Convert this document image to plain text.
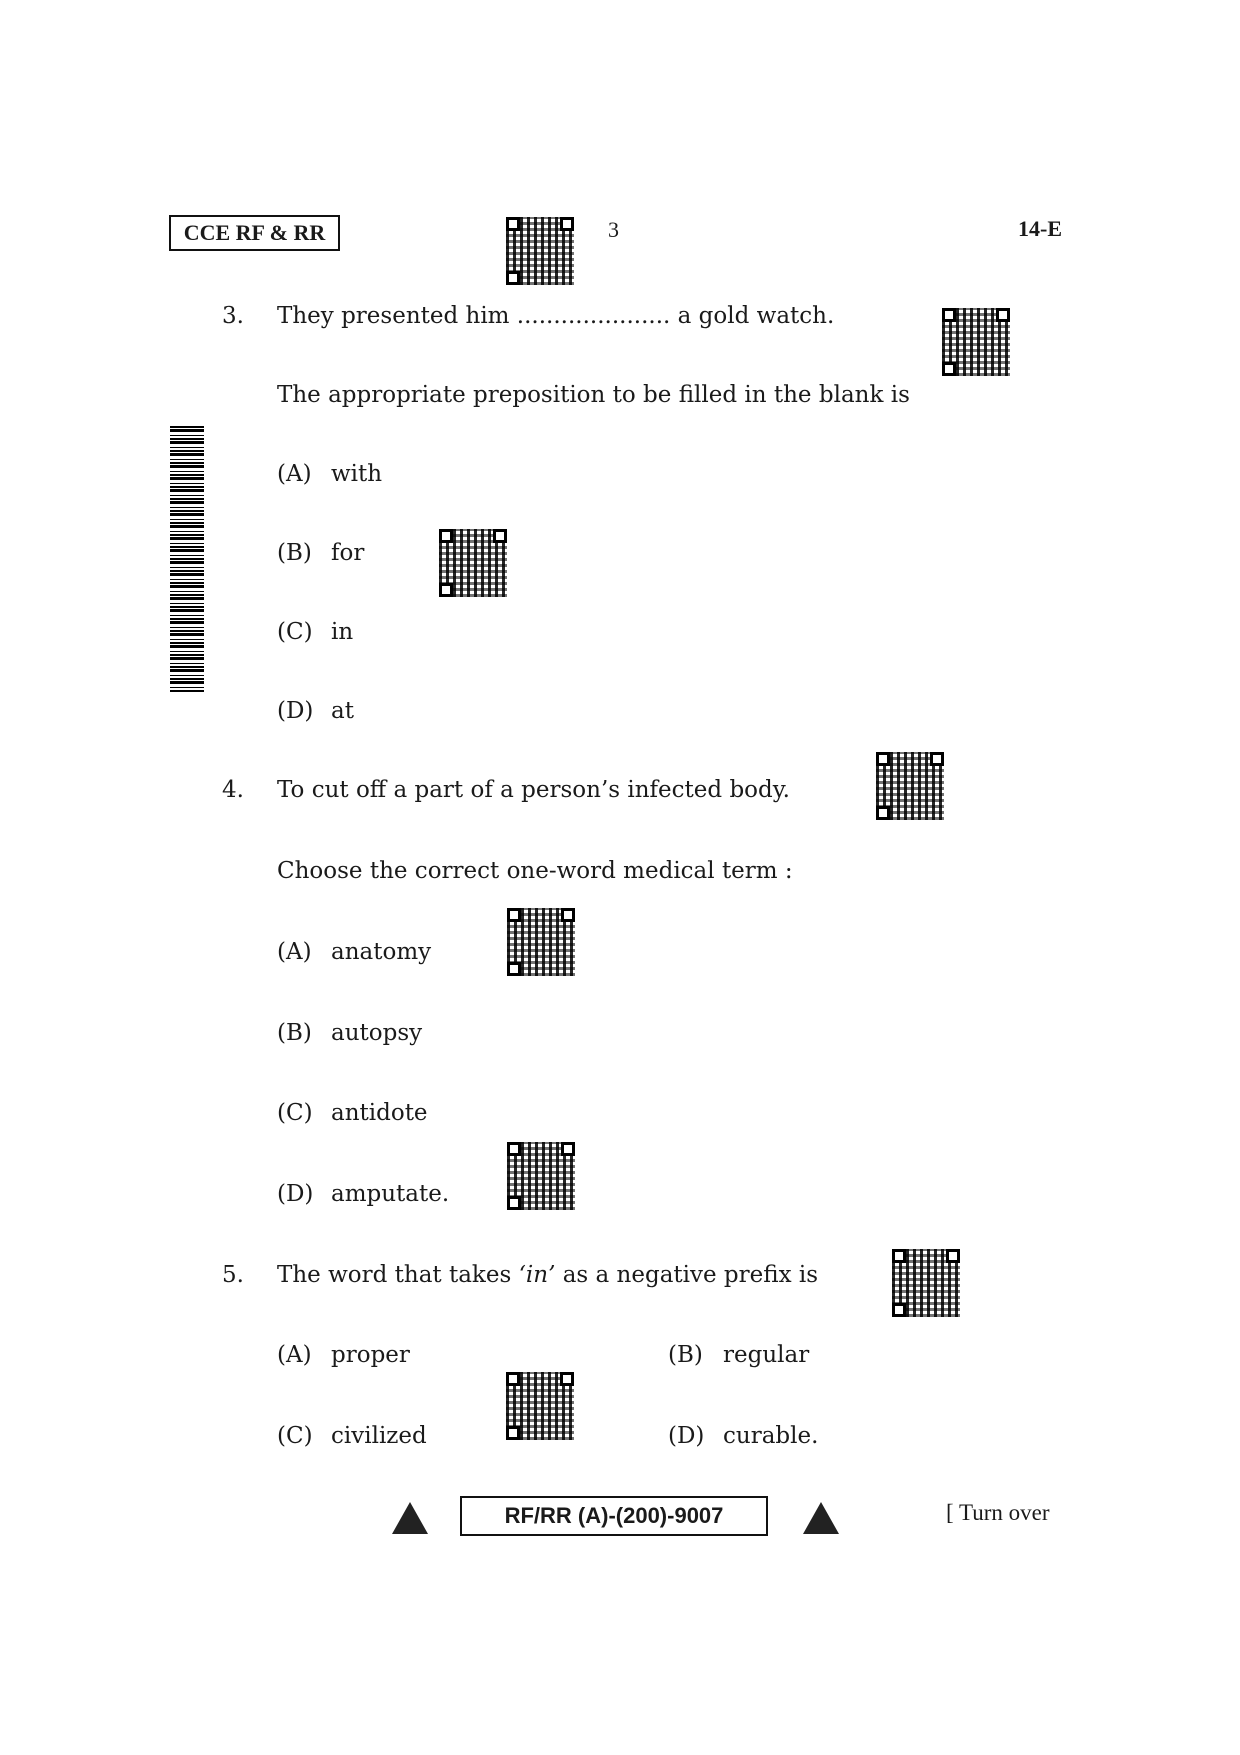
CCE RF & RR	3	14-E
3. They presented him ..................... a gold watch.
The appropriate preposition to be filled in the blank is
(A) with
(B) for
(C) in
(D) at
4. To cut off a part of a person’s infected body.
Choose the correct one-word medical term :
(A) anatomy
(B) autopsy
(C) antidote
(D) amputate.
5. The word that takes ‘in’ as a negative prefix is
(A) proper	(B) regular
(C) civilized	(D) curable.
RF/RR (A)-(200)-9007	[ Turn over
